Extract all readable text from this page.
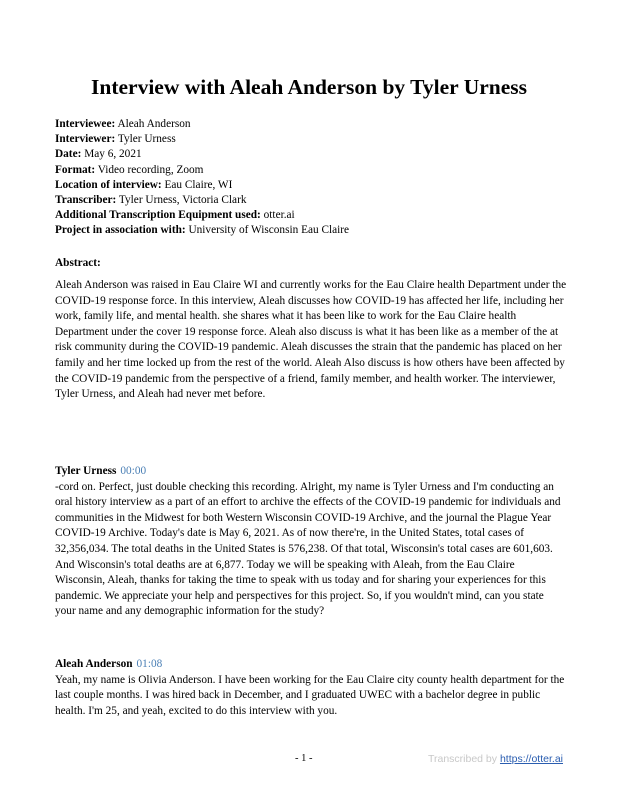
Interview with Aleah Anderson by Tyler Urness
Interviewee: Aleah Anderson
Interviewer: Tyler Urness
Date: May 6, 2021
Format: Video recording, Zoom
Location of interview: Eau Claire, WI
Transcriber: Tyler Urness, Victoria Clark
Additional Transcription Equipment used: otter.ai
Project in association with: University of Wisconsin Eau Claire
Abstract:

Aleah Anderson was raised in Eau Claire WI and currently works for the Eau Claire health Department under the COVID-19 response force. In this interview, Aleah discusses how COVID-19 has affected her life, including her work, family life, and mental health. she shares what it has been like to work for the Eau Claire health Department under the cover 19 response force. Aleah also discuss is what it has been like as a member of the at risk community during the COVID-19 pandemic. Aleah discusses the strain that the pandemic has placed on her family and her time locked up from the rest of the world. Aleah Also discuss is how others have been affected by the COVID-19 pandemic from the perspective of a friend, family member, and health worker. The interviewer, Tyler Urness, and Aleah had never met before.

Tyler Urness 00:00

-cord on. Perfect, just double checking this recording. Alright, my name is Tyler Urness and I'm conducting an oral history interview as a part of an effort to archive the effects of the COVID-19 pandemic for individuals and communities in the Midwest for both Western Wisconsin COVID-19 Archive, and the journal the Plague Year COVID-19 Archive. Today's date is May 6, 2021. As of now there're, in the United States, total cases of 32,356,034. The total deaths in the United States is 576,238. Of that total, Wisconsin's total cases are 601,603. And Wisconsin's total deaths are at 6,877. Today we will be speaking with Aleah, from the Eau Claire Wisconsin, Aleah, thanks for taking the time to speak with us today and for sharing your experiences for this pandemic. We appreciate your help and perspectives for this project. So, if you wouldn't mind, can you state your name and any demographic information for the study?

Aleah Anderson 01:08

Yeah, my name is Olivia Anderson. I have been working for the Eau Claire city county health department for the last couple months. I was hired back in December, and I graduated UWEC with a bachelor degree in public health. I'm 25, and yeah, excited to do this interview with you.

- 1 -	Transcribed by https://otter.ai
